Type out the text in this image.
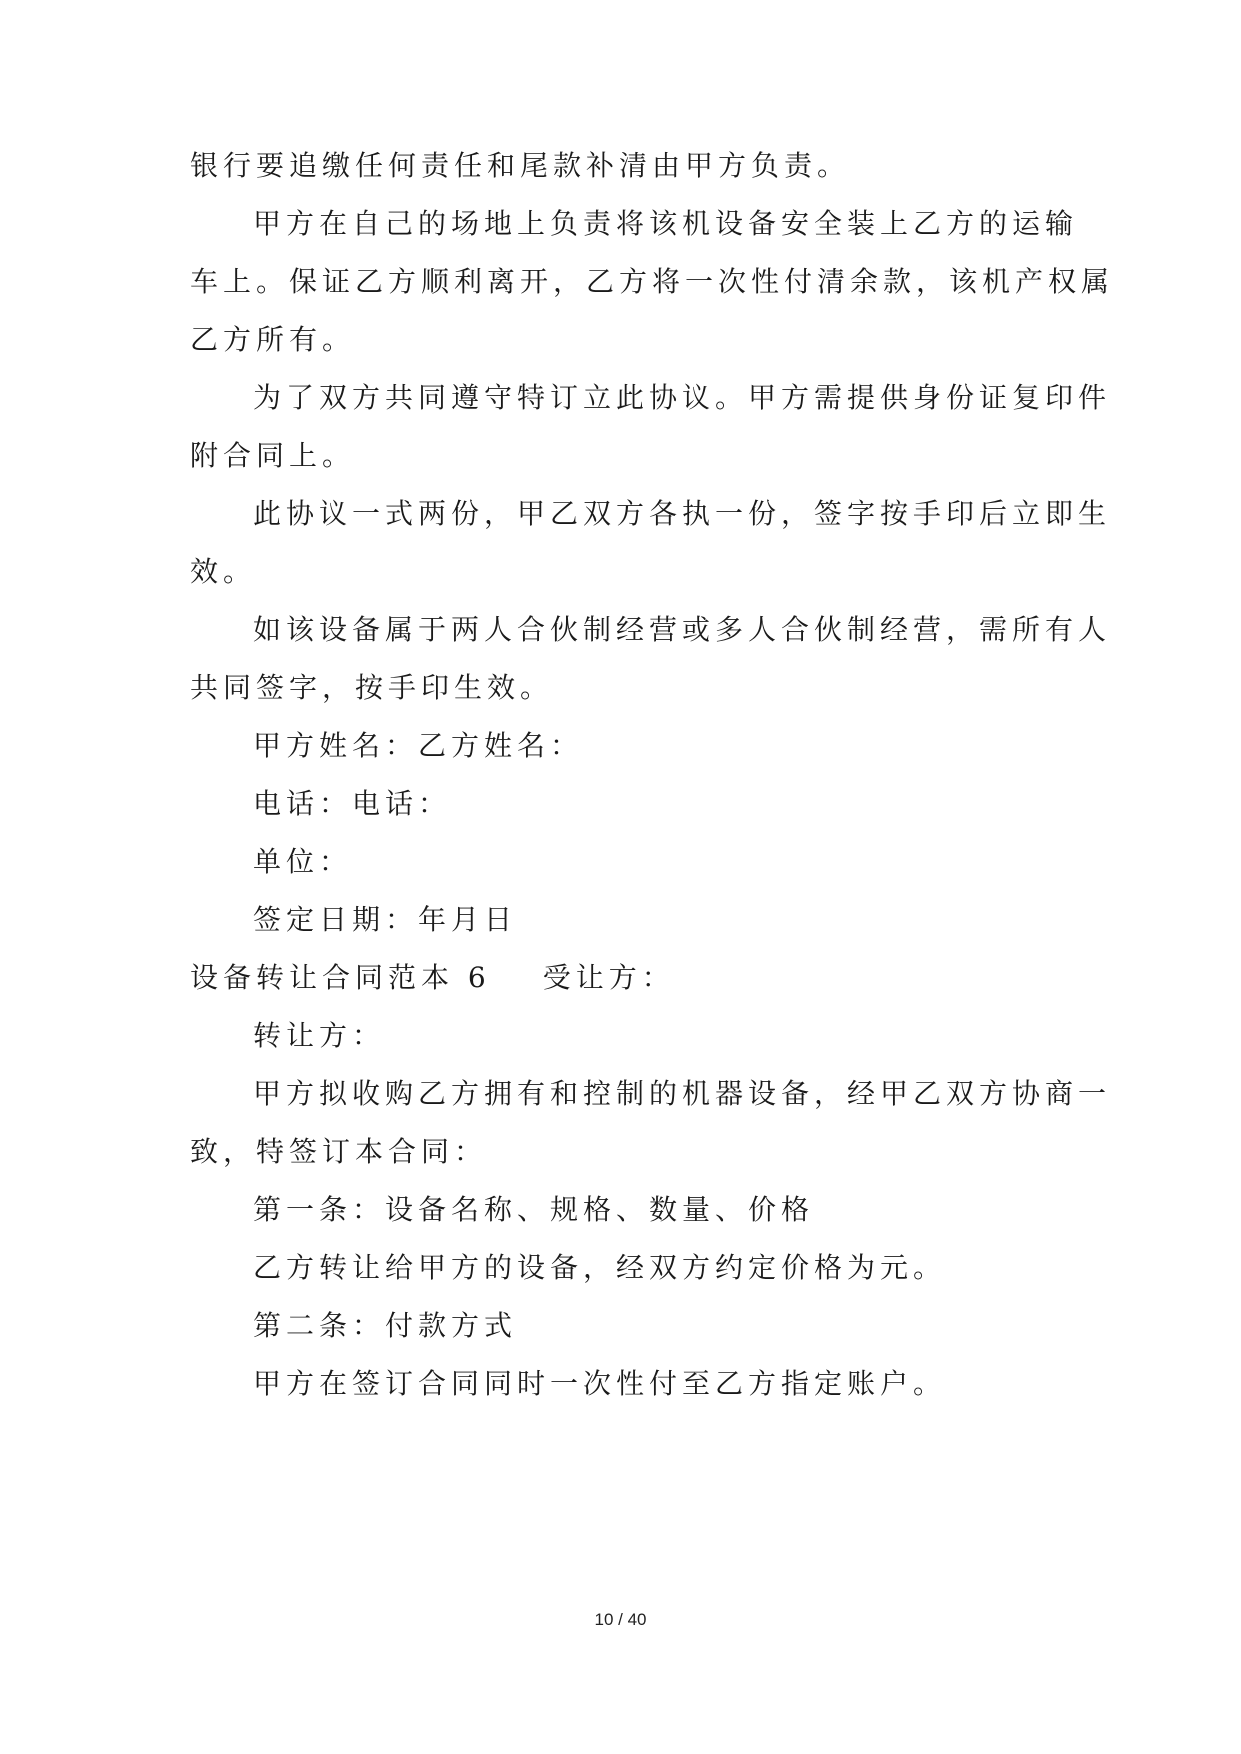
银行要追缴任何责任和尾款补清由甲方负责。
甲方在自己的场地上负责将该机设备安全装上乙方的运输
车上。保证乙方顺利离开，乙方将一次性付清余款，该机产权属
乙方所有。
为了双方共同遵守特订立此协议。甲方需提供身份证复印件
附合同上。
此协议一式两份，甲乙双方各执一份，签字按手印后立即生
效。
如该设备属于两人合伙制经营或多人合伙制经营，需所有人
共同签字，按手印生效。
甲方姓名：乙方姓名：
电话：电话：
单位：
签定日期：年月日
设备转让合同范本 6 受让方：
转让方：
甲方拟收购乙方拥有和控制的机器设备，经甲乙双方协商一
致，特签订本合同：
第一条：设备名称、规格、数量、价格
乙方转让给甲方的设备，经双方约定价格为元。
第二条：付款方式
甲方在签订合同同时一次性付至乙方指定账户。
10 / 40
